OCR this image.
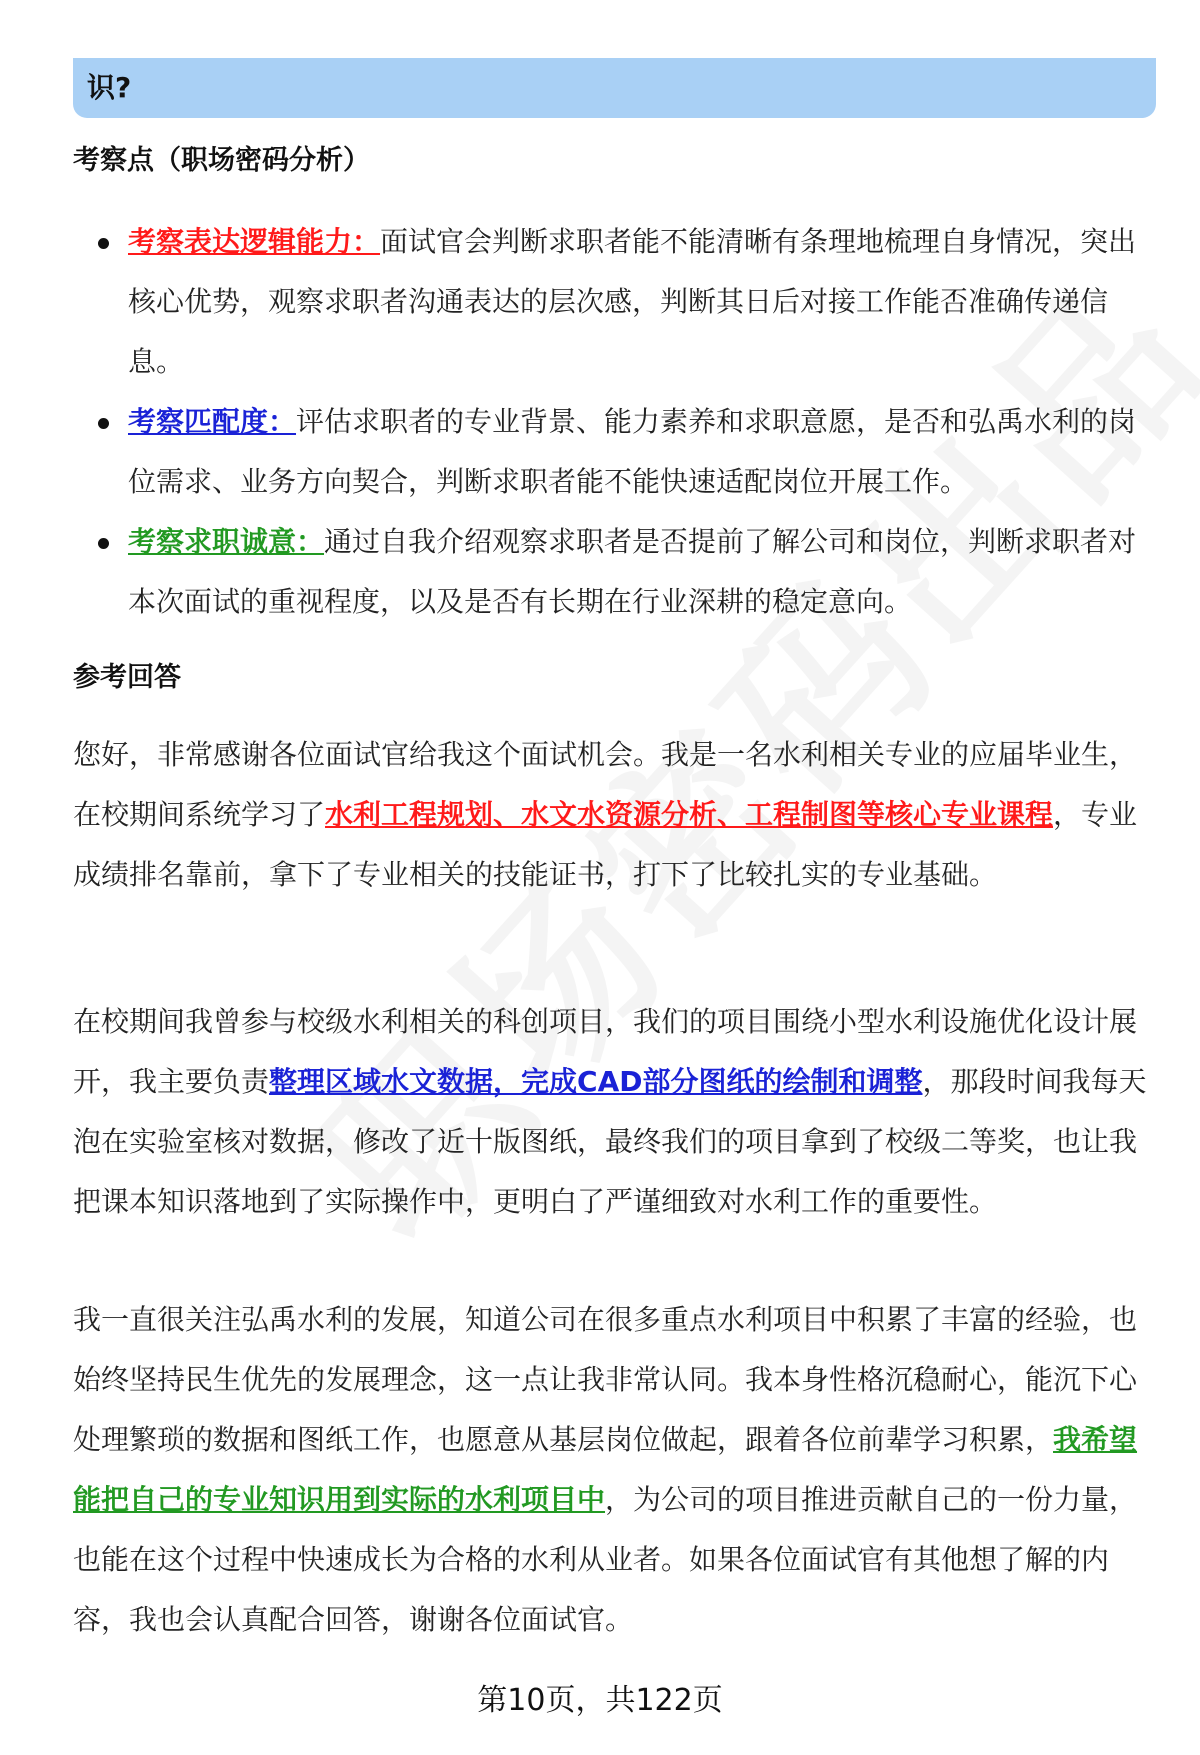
识?
考察点（职场密码分析）
考察表达逻辑能力：面试官会判断求职者能不能清晰有条理地梳理自身情况，突出核心优势，观察求职者沟通表达的层次感，判断其日后对接工作能否准确传递信息。
考察匹配度：评估求职者的专业背景、能力素养和求职意愿，是否和弘禹水利的岗位需求、业务方向契合，判断求职者能不能快速适配岗位开展工作。
考察求职诚意：通过自我介绍观察求职者是否提前了解公司和岗位，判断求职者对本次面试的重视程度，以及是否有长期在行业深耕的稳定意向。
参考回答

您好，非常感谢各位面试官给我这个面试机会。我是一名水利相关专业的应届毕业生，在校期间系统学习了水利工程规划、水文水资源分析、工程制图等核心专业课程，专业成绩排名靠前，拿下了专业相关的技能证书，打下了比较扎实的专业基础。

在校期间我曾参与校级水利相关的科创项目，我们的项目围绕小型水利设施优化设计展开，我主要负责整理区域水文数据，完成CAD部分图纸的绘制和调整，那段时间我每天泡在实验室核对数据，修改了近十版图纸，最终我们的项目拿到了校级二等奖，也让我把课本知识落地到了实际操作中，更明白了严谨细致对水利工作的重要性。

我一直很关注弘禹水利的发展，知道公司在很多重点水利项目中积累了丰富的经验，也始终坚持民生优先的发展理念，这一点让我非常认同。我本身性格沉稳耐心，能沉下心处理繁琐的数据和图纸工作，也愿意从基层岗位做起，跟着各位前辈学习积累，我希望能把自己的专业知识用到实际的水利项目中，为公司的项目推进贡献自己的一份力量，也能在这个过程中快速成长为合格的水利从业者。如果各位面试官有其他想了解的内容，我也会认真配合回答，谢谢各位面试官。

第10页，共122页
